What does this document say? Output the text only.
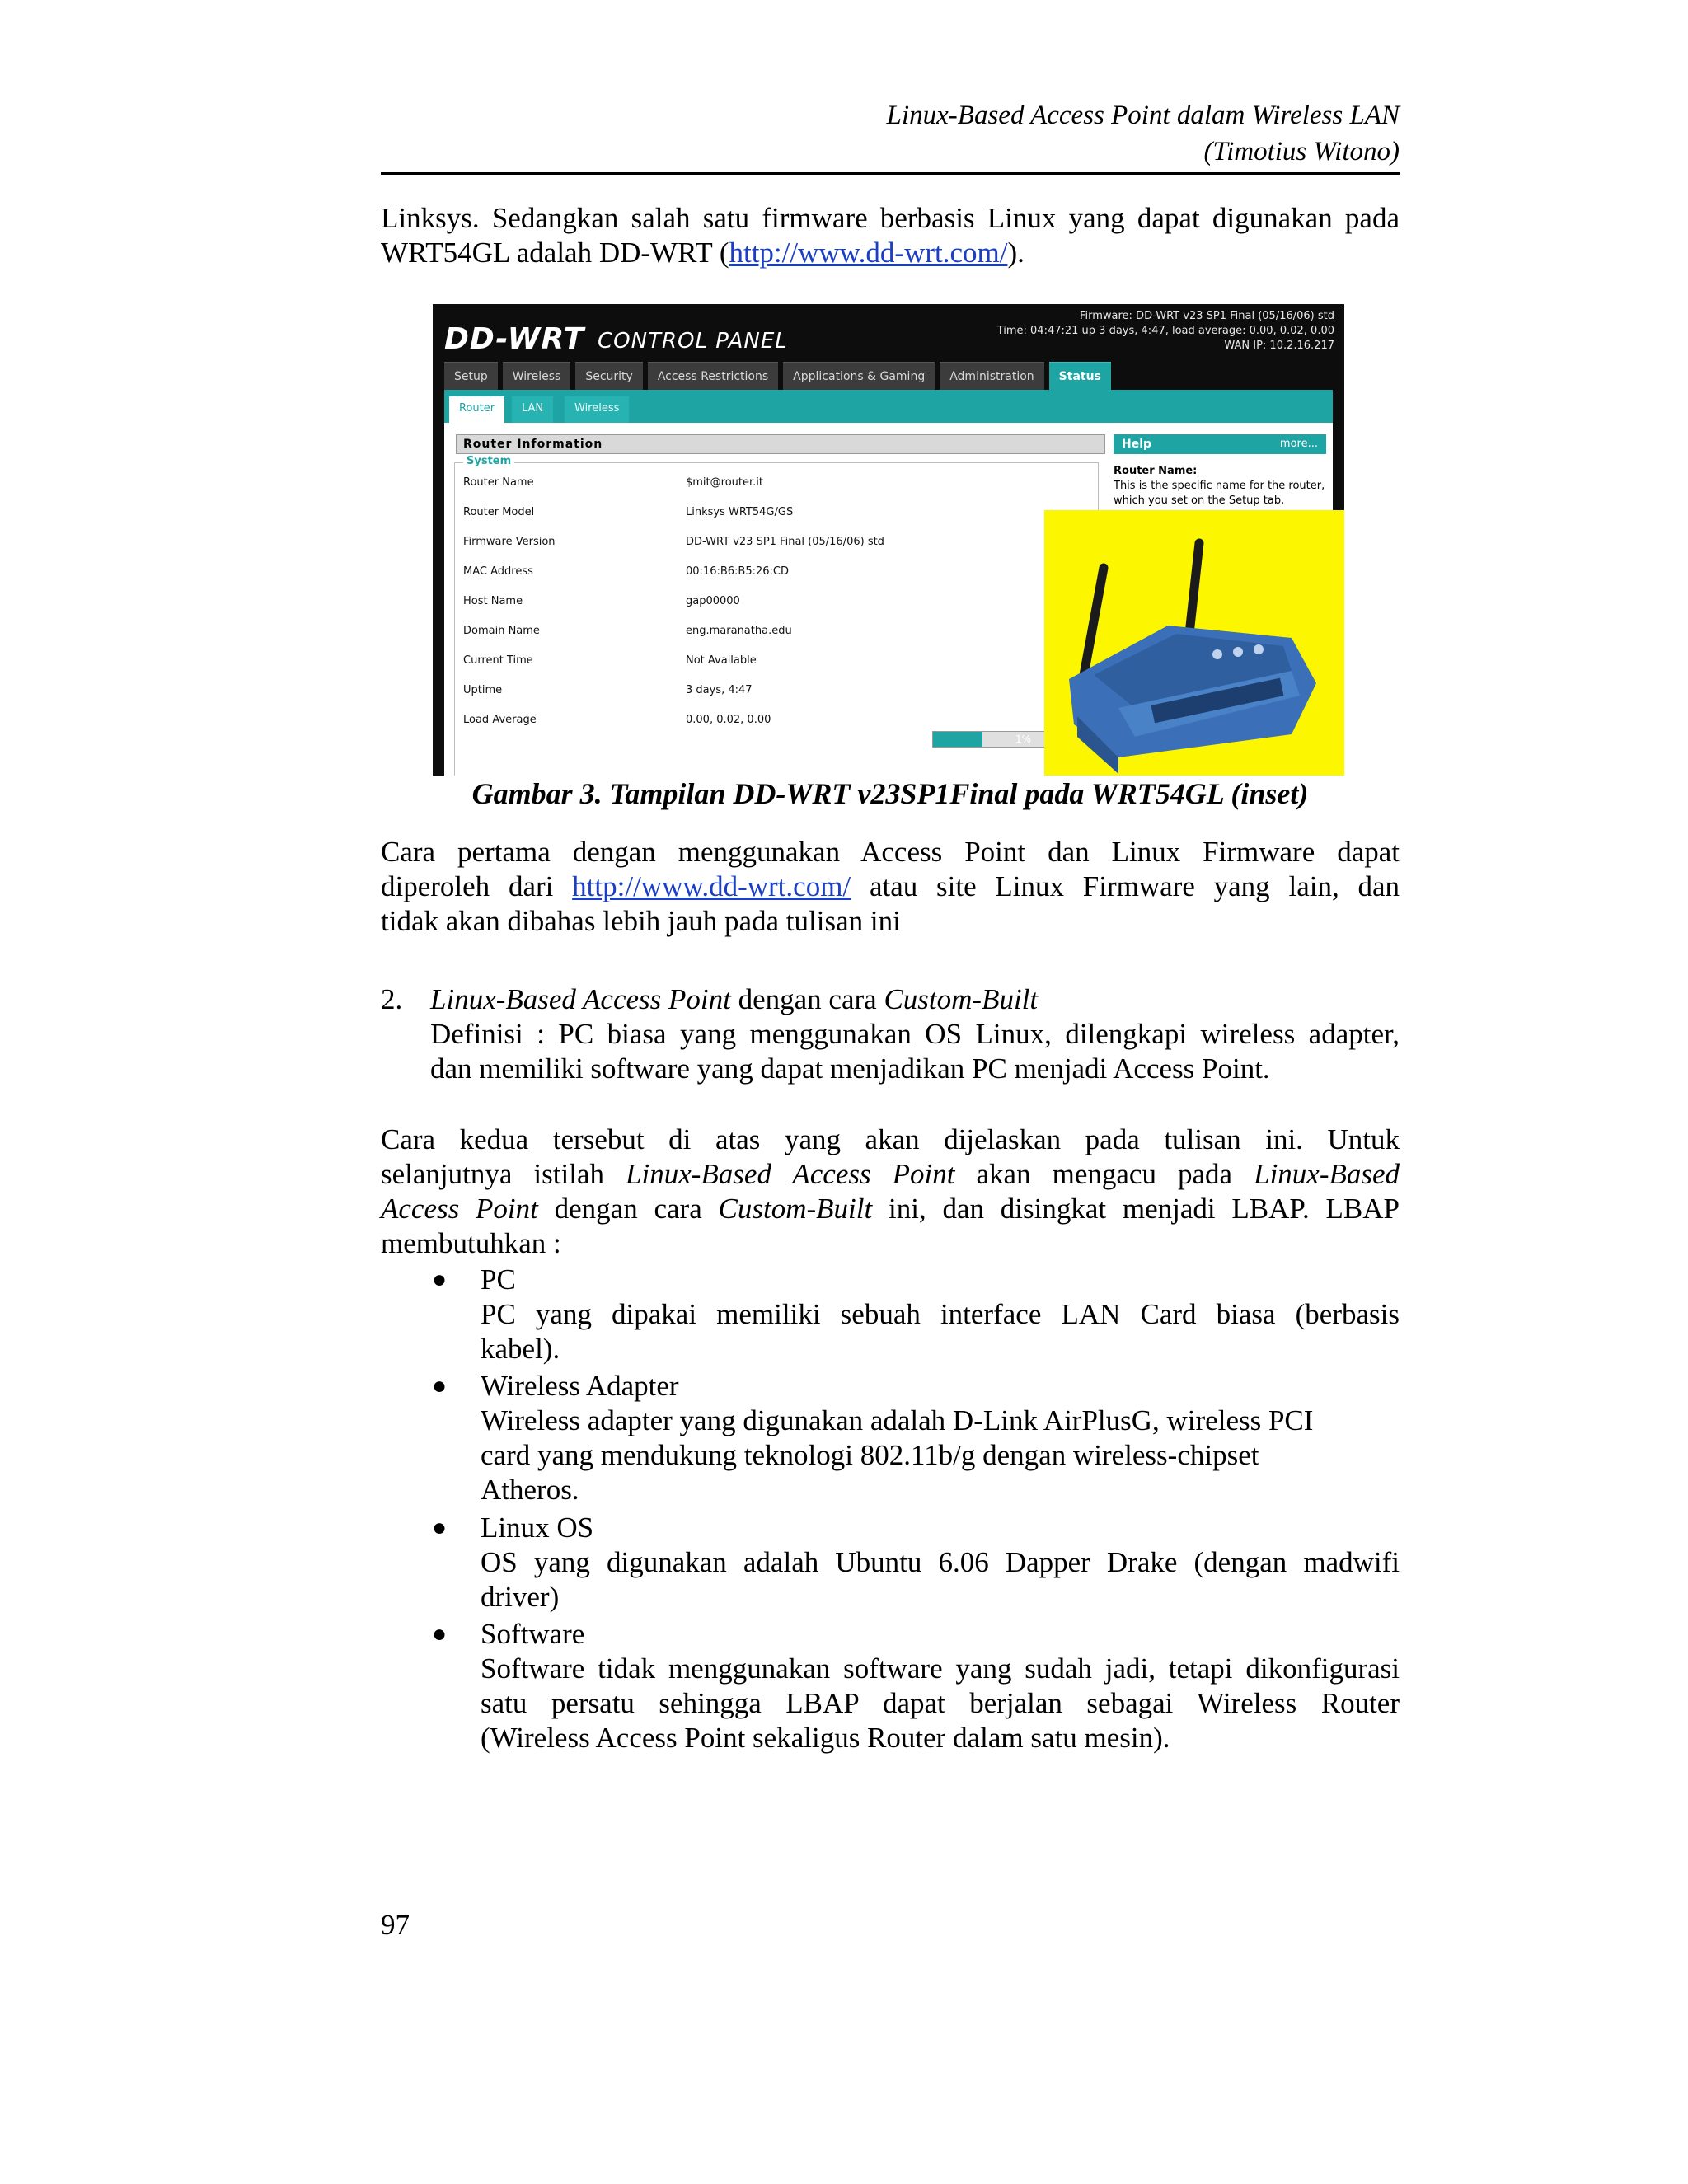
Linux-Based Access Point dalam Wireless LAN
(Timotius Witono)
Linksys. Sedangkan salah satu firmware berbasis Linux yang dapat digunakan pada
WRT54GL adalah DD-WRT (http://www.dd-wrt.com/).
DD-WRT CONTROL PANEL
Firmware: DD-WRT v23 SP1 Final (05/16/06) std
Time: 04:47:21 up 3 days, 4:47, load average: 0.00, 0.02, 0.00
WAN IP: 10.2.16.217
Setup	Wireless	Security	Access Restrictions	Applications & Gaming	Administration	Status
Router	LAN	Wireless
Router Information	Help	more...
System
Router Name	$mit@router.it
Router Model	Linksys WRT54G/GS
Firmware Version	DD-WRT v23 SP1 Final (05/16/06) std
MAC Address	00:16:B6:B5:26:CD
Host Name	gap00000
Domain Name	eng.maranatha.edu
Current Time	Not Available
Uptime	3 days, 4:47
Load Average	0.00, 0.02, 0.00
1%
Router Name:
This is the specific name for the router, which you set on the Setup tab.
Gambar 3. Tampilan DD-WRT v23SP1Final pada WRT54GL (inset)
Cara pertama dengan menggunakan Access Point dan Linux Firmware dapat
diperoleh dari http://www.dd-wrt.com/ atau site Linux Firmware yang lain, dan
tidak akan dibahas lebih jauh pada tulisan ini
2. Linux-Based Access Point dengan cara Custom-Built
Definisi : PC biasa yang menggunakan OS Linux, dilengkapi wireless adapter,
dan memiliki software yang dapat menjadikan PC menjadi Access Point.
Cara kedua tersebut di atas yang akan dijelaskan pada tulisan ini. Untuk
selanjutnya istilah Linux-Based Access Point akan mengacu pada Linux-Based
Access Point dengan cara Custom-Built ini, dan disingkat menjadi LBAP. LBAP
membutuhkan :
● PC
PC yang dipakai memiliki sebuah interface LAN Card biasa (berbasis
kabel).
● Wireless Adapter
Wireless adapter yang digunakan adalah D-Link AirPlusG, wireless PCI
card yang mendukung teknologi 802.11b/g dengan wireless-chipset
Atheros.
● Linux OS
OS yang digunakan adalah Ubuntu 6.06 Dapper Drake (dengan madwifi
driver)
● Software
Software tidak menggunakan software yang sudah jadi, tetapi dikonfigurasi
satu persatu sehingga LBAP dapat berjalan sebagai Wireless Router
(Wireless Access Point sekaligus Router dalam satu mesin).
97
